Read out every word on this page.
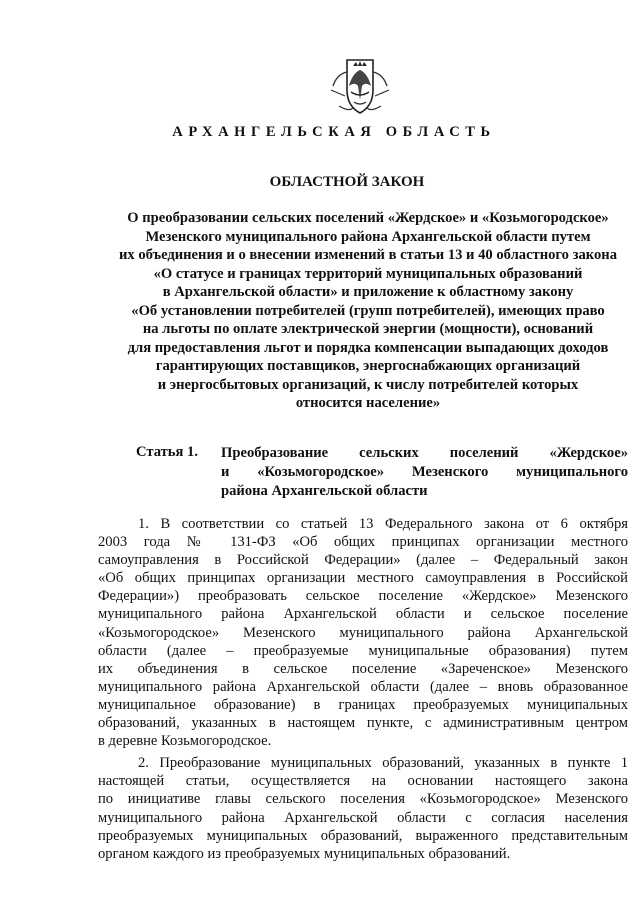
АРХАНГЕЛЬСКАЯ ОБЛАСТЬ
ОБЛАСТНОЙ ЗАКОН
О преобразовании сельских поселений «Жердское» и «Козьмогородское»
Мезенского муниципального района Архангельской области путем
их объединения и о внесении изменений в статьи 13 и 40 областного закона
«О статусе и границах территорий муниципальных образований
в Архангельской области» и приложение к областному закону
«Об установлении потребителей (групп потребителей), имеющих право
на льготы по оплате электрической энергии (мощности), оснований
для предоставления льгот и порядка компенсации выпадающих доходов
гарантирующих поставщиков, энергоснабжающих организаций
и энергосбытовых организаций, к числу потребителей которых
относится население»
Статья 1. Преобразование сельских поселений «Жердское»
и «Козьмогородское» Мезенского муниципального
района Архангельской области
1. В соответствии со статьей 13 Федерального закона от 6 октября
2003 года № 131-ФЗ «Об общих принципах организации местного
самоуправления в Российской Федерации» (далее – Федеральный закон
«Об общих принципах организации местного самоуправления в Российской
Федерации») преобразовать сельское поселение «Жердское» Мезенского
муниципального района Архангельской области и сельское поселение
«Козьмогородское» Мезенского муниципального района Архангельской
области (далее – преобразуемые муниципальные образования) путем
их объединения в сельское поселение «Зареченское» Мезенского
муниципального района Архангельской области (далее – вновь образованное
муниципальное образование) в границах преобразуемых муниципальных
образований, указанных в настоящем пункте, с административным центром
в деревне Козьмогородское.
2. Преобразование муниципальных образований, указанных в пункте 1
настоящей статьи, осуществляется на основании настоящего закона
по инициативе главы сельского поселения «Козьмогородское» Мезенского
муниципального района Архангельской области с согласия населения
преобразуемых муниципальных образований, выраженного представительным
органом каждого из преобразуемых муниципальных образований.
